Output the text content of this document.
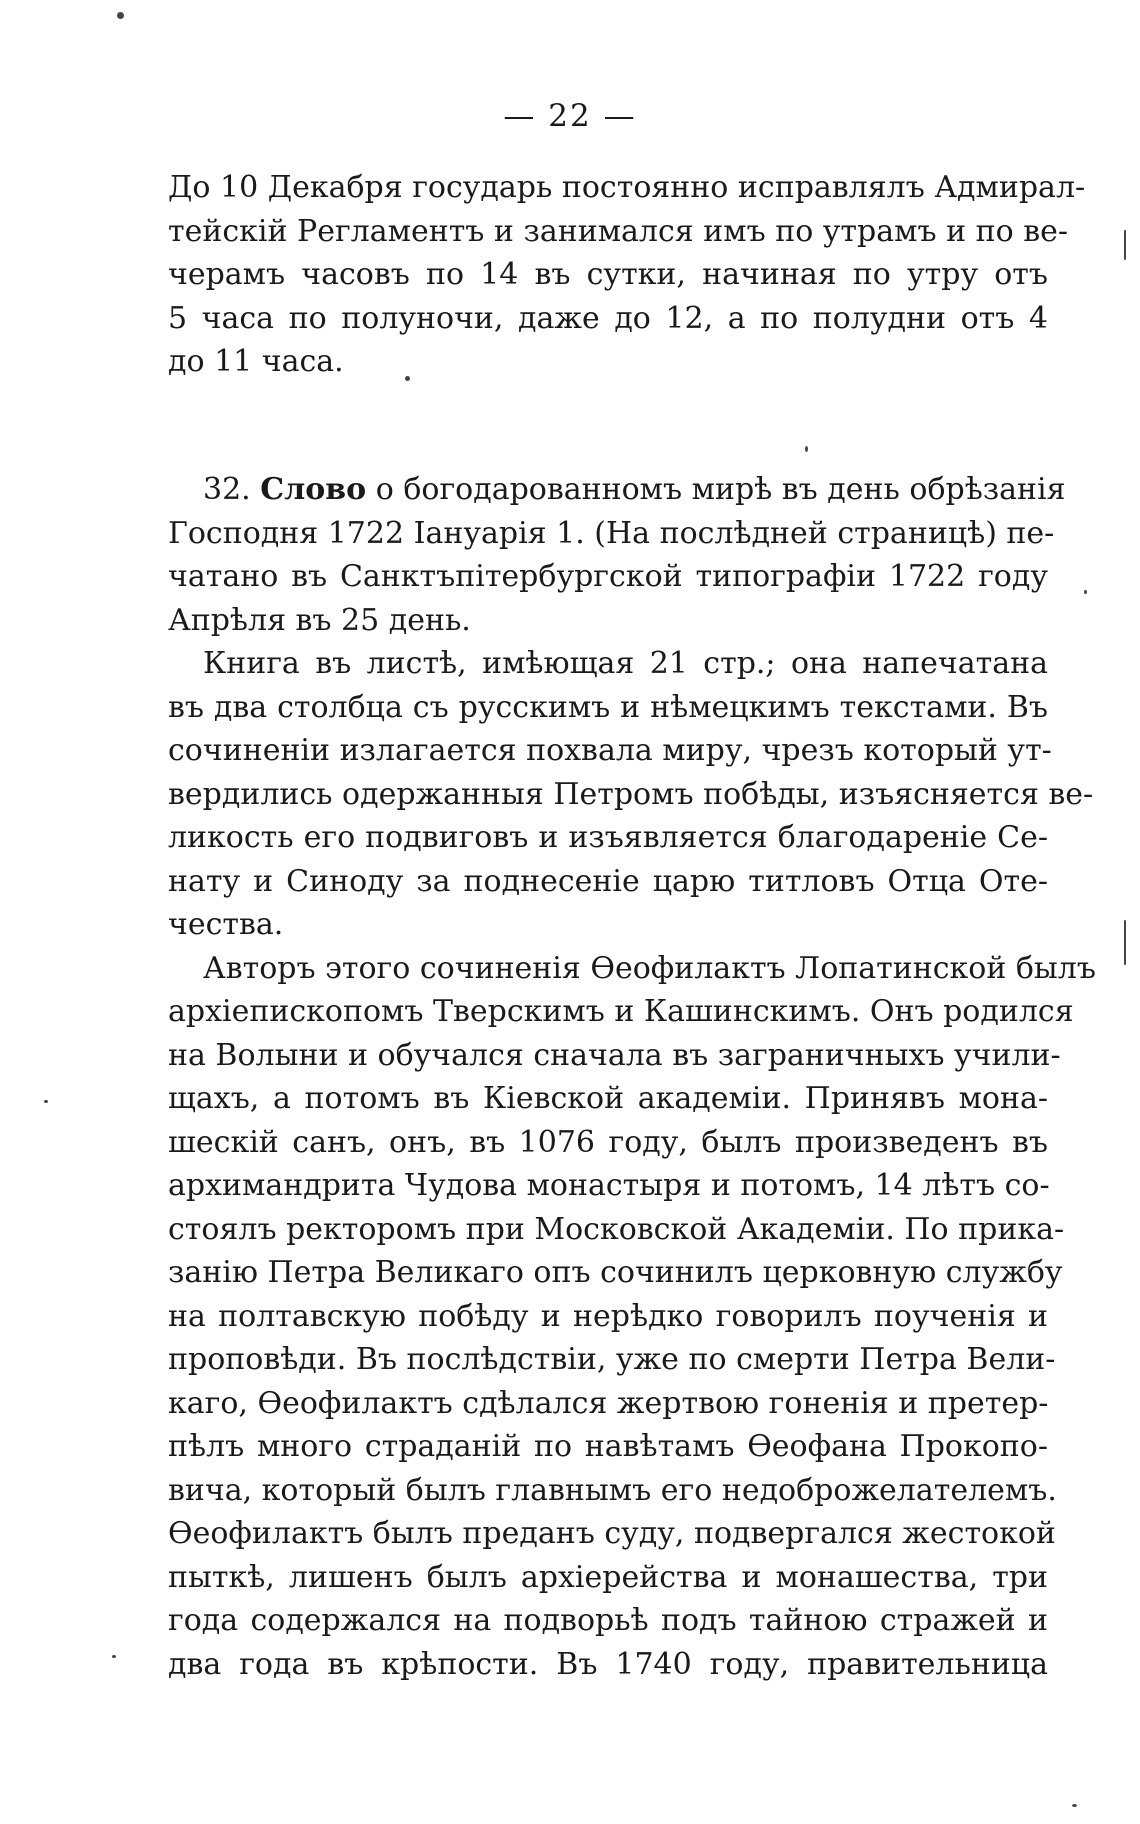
— 22 —
До 10 Декабря государь постоянно исправлялъ Адмирал-
тейскій Регламентъ и занимался имъ по утрамъ и по ве-
черамъ часовъ по 14 въ сутки, начиная по утру отъ
5 часа по полуночи, даже до 12, а по полудни отъ 4
до 11 часа.
32. Слово о богодарованномъ мирѣ въ день обрѣзанія
Господня 1722 Іануарія 1. (На послѣдней страницѣ) пе-
чатано въ Санктъпітербургской типографіи 1722 году
Апрѣля въ 25 день.
Книга въ листѣ, имѣющая 21 стр.; она напечатана
въ два столбца съ русскимъ и нѣмецкимъ текстами. Въ
сочиненіи излагается похвала миру, чрезъ который ут-
вердились одержанныя Петромъ побѣды, изъясняется ве-
ликость его подвиговъ и изъявляется благодареніе Се-
нату и Синоду за поднесеніе царю титловъ Отца Оте-
чества.
Авторъ этого сочиненія Өеофилактъ Лопатинской былъ
архіепископомъ Тверскимъ и Кашинскимъ. Онъ родился
на Волыни и обучался сначала въ заграничныхъ учили-
щахъ, а потомъ въ Кіевской академіи. Принявъ мона-
шескій санъ, онъ, въ 1076 году, былъ произведенъ въ
архимандрита Чудова монастыря и потомъ, 14 лѣтъ со-
стоялъ ректоромъ при Московской Академіи. По прика-
занію Петра Великаго опъ сочинилъ церковную службу
на полтавскую побѣду и нерѣдко говорилъ поученія и
проповѣди. Въ послѣдствіи, уже по смерти Петра Вели-
каго, Өеофилактъ сдѣлался жертвою гоненія и претер-
пѣлъ много страданій по навѣтамъ Өеофана Прокопо-
вича, который былъ главнымъ его недоброжелателемъ.
Өеофилактъ былъ преданъ суду, подвергался жестокой
пыткѣ, лишенъ былъ архіерейства и монашества, три
года содержался на подворьѣ подъ тайною стражей и
два года въ крѣпости. Въ 1740 году, правительница
